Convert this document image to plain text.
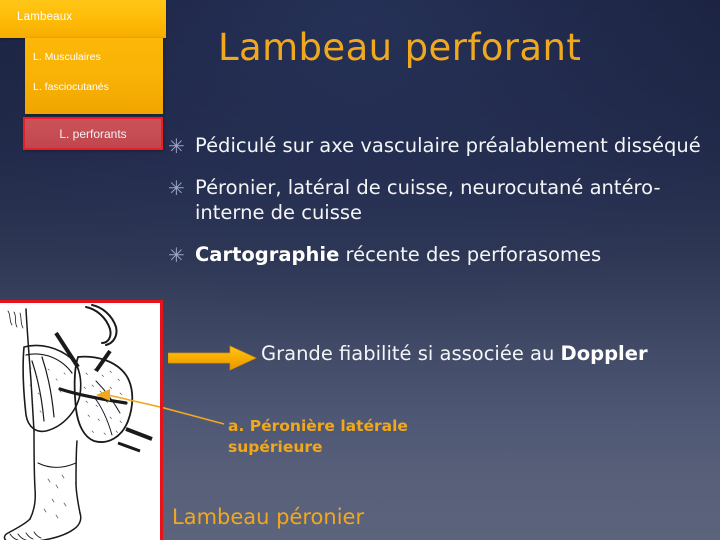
Lambeaux
L. Musculaires
L. fasciocutanés
L. perforants
Lambeau perforant
✳ Pédiculé sur axe vasculaire préalablement disséqué
✳ Péronier, latéral de cuisse, neurocutané antéro-interne de cuisse
✳ Cartographie récente des perforasomes
Grande fiabilité si associée au Doppler
a. Péronière latérale supérieure
Lambeau péronier
